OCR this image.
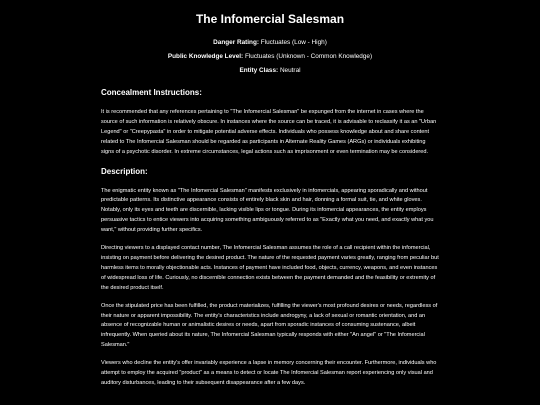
The Infomercial Salesman
Danger Rating: Fluctuates (Low - High)
Public Knowledge Level: Fluctuates (Unknown - Common Knowledge)
Entity Class: Neutral
Concealment Instructions:

It is recommended that any references pertaining to "The Infomercial Salesman" be expunged from the internet in cases where the source of such information is relatively obscure. In instances where the source can be traced, it is advisable to reclassify it as an "Urban Legend" or "Creepypasta" in order to mitigate potential adverse effects. Individuals who possess knowledge about and share content related to The Infomercial Salesman should be regarded as participants in Alternate Reality Games (ARGs) or individuals exhibiting signs of a psychotic disorder. In extreme circumstances, legal actions such as imprisonment or even termination may be considered.

Description:

The enigmatic entity known as "The Infomercial Salesman" manifests exclusively in infomercials, appearing sporadically and without predictable patterns. Its distinctive appearance consists of entirely black skin and hair, donning a formal suit, tie, and white gloves. Notably, only its eyes and teeth are discernible, lacking visible lips or tongue. During its infomercial appearances, the entity employs persuasive tactics to entice viewers into acquiring something ambiguously referred to as "Exactly what you need, and exactly what you want," without providing further specifics.

Directing viewers to a displayed contact number, The Infomercial Salesman assumes the role of a call recipient within the infomercial, insisting on payment before delivering the desired product. The nature of the requested payment varies greatly, ranging from peculiar but harmless items to morally objectionable acts. Instances of payment have included food, objects, currency, weapons, and even instances of widespread loss of life. Curiously, no discernible connection exists between the payment demanded and the feasibility or extremity of the desired product itself.

Once the stipulated price has been fulfilled, the product materializes, fulfilling the viewer's most profound desires or needs, regardless of their nature or apparent impossibility. The entity's characteristics include androgyny, a lack of sexual or romantic orientation, and an absence of recognizable human or animalistic desires or needs, apart from sporadic instances of consuming sustenance, albeit infrequently. When queried about its nature, The Infomercial Salesman typically responds with either "An angel" or "The Infomercial Salesman."

Viewers who decline the entity's offer invariably experience a lapse in memory concerning their encounter. Furthermore, individuals who attempt to employ the acquired "product" as a means to detect or locate The Infomercial Salesman report experiencing only visual and auditory disturbances, leading to their subsequent disappearance after a few days.
